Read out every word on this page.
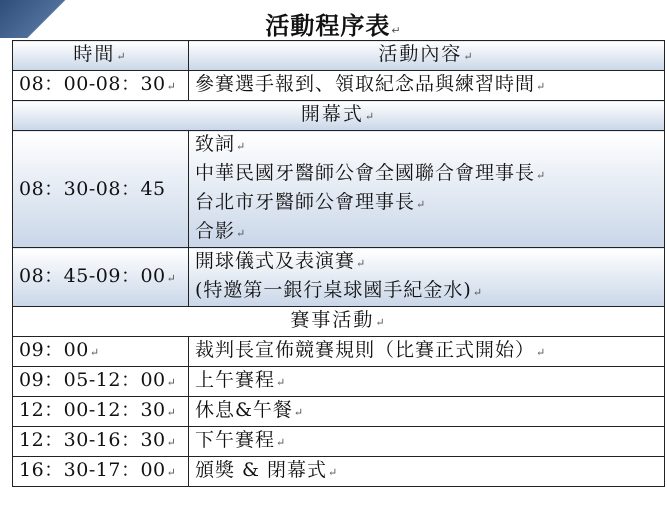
活動程序表↵
時間↵	活動內容↵
08：00-08：30↵	參賽選手報到、領取紀念品與練習時間↵
開幕式↵	
08：30-08：45	致詞↵
中華民國牙醫師公會全國聯合會理事長↵
台北市牙醫師公會理事長↵
合影↵

08：45-09：00↵	開球儀式及表演賽↵
(特邀第一銀行桌球國手紀金水)↵

賽事活動↵	
09：00↵	裁判長宣佈競賽規則（比賽正式開始）↵
09：05-12：00↵	上午賽程↵
12：00-12：30↵	休息&午餐↵
12：30-16：30↵	下午賽程↵
16：30-17：00↵	頒獎 & 閉幕式↵
